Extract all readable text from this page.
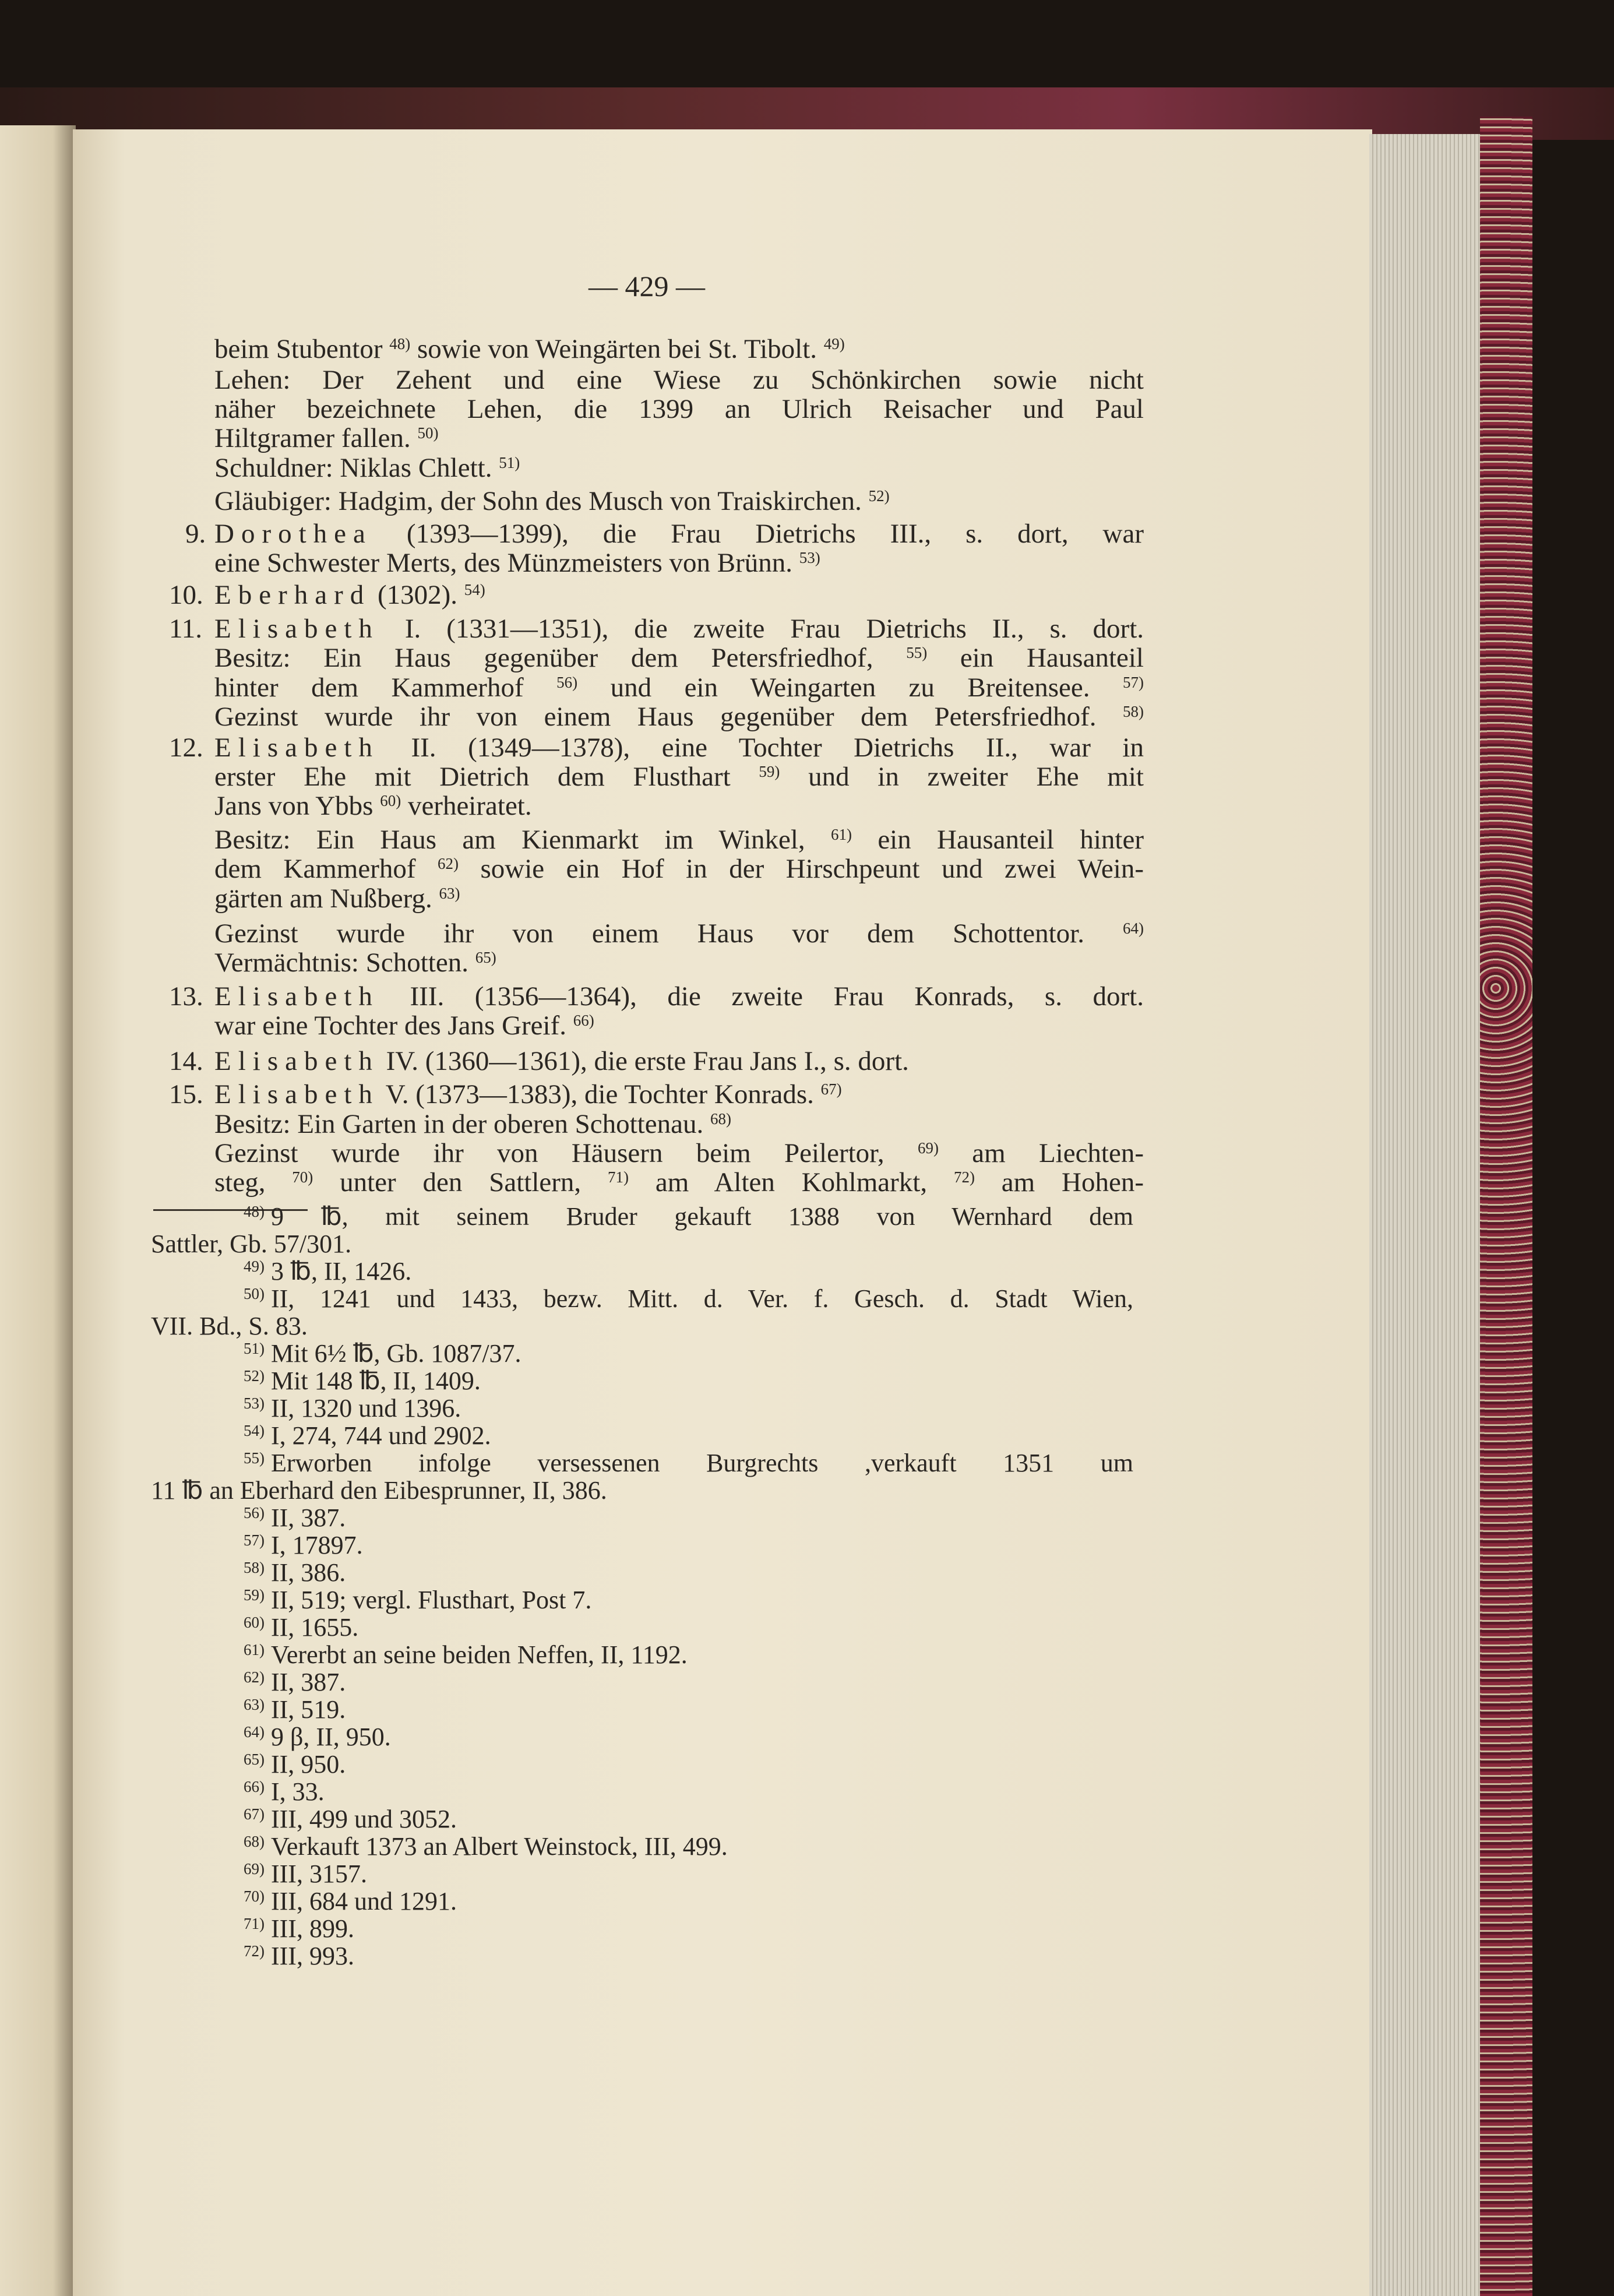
— 429 —
beim Stubentor $^{48)}$ sowie von Weingärten bei St. Tibolt. $^{49)}$
Lehen: Der Zehent und eine Wiese zu Schönkirchen sowie nicht
näher bezeichnete Lehen, die 1399 an Ulrich Reisacher und Paul
Hiltgramer fallen. $^{50)}$
Schuldner: Niklas Chlett. $^{51)}$
Gläubiger: Hadgim, der Sohn des Musch von Traiskirchen. $^{52)}$
9. Dorothea (1393—1399), die Frau Dietrichs III., s. dort, war
eine Schwester Merts, des Münzmeisters von Brünn. $^{53)}$
10. Eberhard (1302). $^{54)}$
11. Elisabeth I. (1331—1351), die zweite Frau Dietrichs II., s. dort.
Besitz: Ein Haus gegenüber dem Petersfriedhof, $^{55)}$ ein Hausanteil
hinter dem Kammerhof $^{56)}$ und ein Weingarten zu Breitensee. $^{57)}$
Gezinst wurde ihr von einem Haus gegenüber dem Petersfriedhof. $^{58)}$
12. Elisabeth II. (1349—1378), eine Tochter Dietrichs II., war in
erster Ehe mit Dietrich dem Flusthart $^{59)}$ und in zweiter Ehe mit
Jans von Ybbs $^{60)}$ verheiratet.
Besitz: Ein Haus am Kienmarkt im Winkel, $^{61)}$ ein Hausanteil hinter
dem Kammerhof $^{62)}$ sowie ein Hof in der Hirschpeunt und zwei Wein-
gärten am Nußberg. $^{63)}$
Gezinst wurde ihr von einem Haus vor dem Schottentor. $^{64)}$
Vermächtnis: Schotten. $^{65)}$
13. Elisabeth III. (1356—1364), die zweite Frau Konrads, s. dort.
war eine Tochter des Jans Greif. $^{66)}$
14. Elisabeth IV. (1360—1361), die erste Frau Jans I., s. dort.
15. Elisabeth V. (1373—1383), die Tochter Konrads. $^{67)}$
Besitz: Ein Garten in der oberen Schottenau. $^{68)}$
Gezinst wurde ihr von Häusern beim Peilertor, $^{69)}$ am Liechten-
steg, $^{70)}$ unter den Sattlern, $^{71)}$ am Alten Kohlmarkt, $^{72)}$ am Hohen-
$^{48)}$ 9 ℔, mit seinem Bruder gekauft 1388 von Wernhard dem
Sattler, Gb. 57/301.
$^{49)}$ 3 ℔, II, 1426.
$^{50)}$ II, 1241 und 1433, bezw. Mitt. d. Ver. f. Gesch. d. Stadt Wien,
VII. Bd., S. 83.
$^{51)}$ Mit 6½ ℔, Gb. 1087/37.
$^{52)}$ Mit 148 ℔, II, 1409.
$^{53)}$ II, 1320 und 1396.
$^{54)}$ I, 274, 744 und 2902.
$^{55)}$ Erworben infolge versessenen Burgrechts ,verkauft 1351 um
11 ℔ an Eberhard den Eibesprunner, II, 386.
$^{56)}$ II, 387.
$^{57)}$ I, 17897.
$^{58)}$ II, 386.
$^{59)}$ II, 519; vergl. Flusthart, Post 7.
$^{60)}$ II, 1655.
$^{61)}$ Vererbt an seine beiden Neffen, II, 1192.
$^{62)}$ II, 387.
$^{63)}$ II, 519.
$^{64)}$ 9 β, II, 950.
$^{65)}$ II, 950.
$^{66)}$ I, 33.
$^{67)}$ III, 499 und 3052.
$^{68)}$ Verkauft 1373 an Albert Weinstock, III, 499.
$^{69)}$ III, 3157.
$^{70)}$ III, 684 und 1291.
$^{71)}$ III, 899.
$^{72)}$ III, 993.
